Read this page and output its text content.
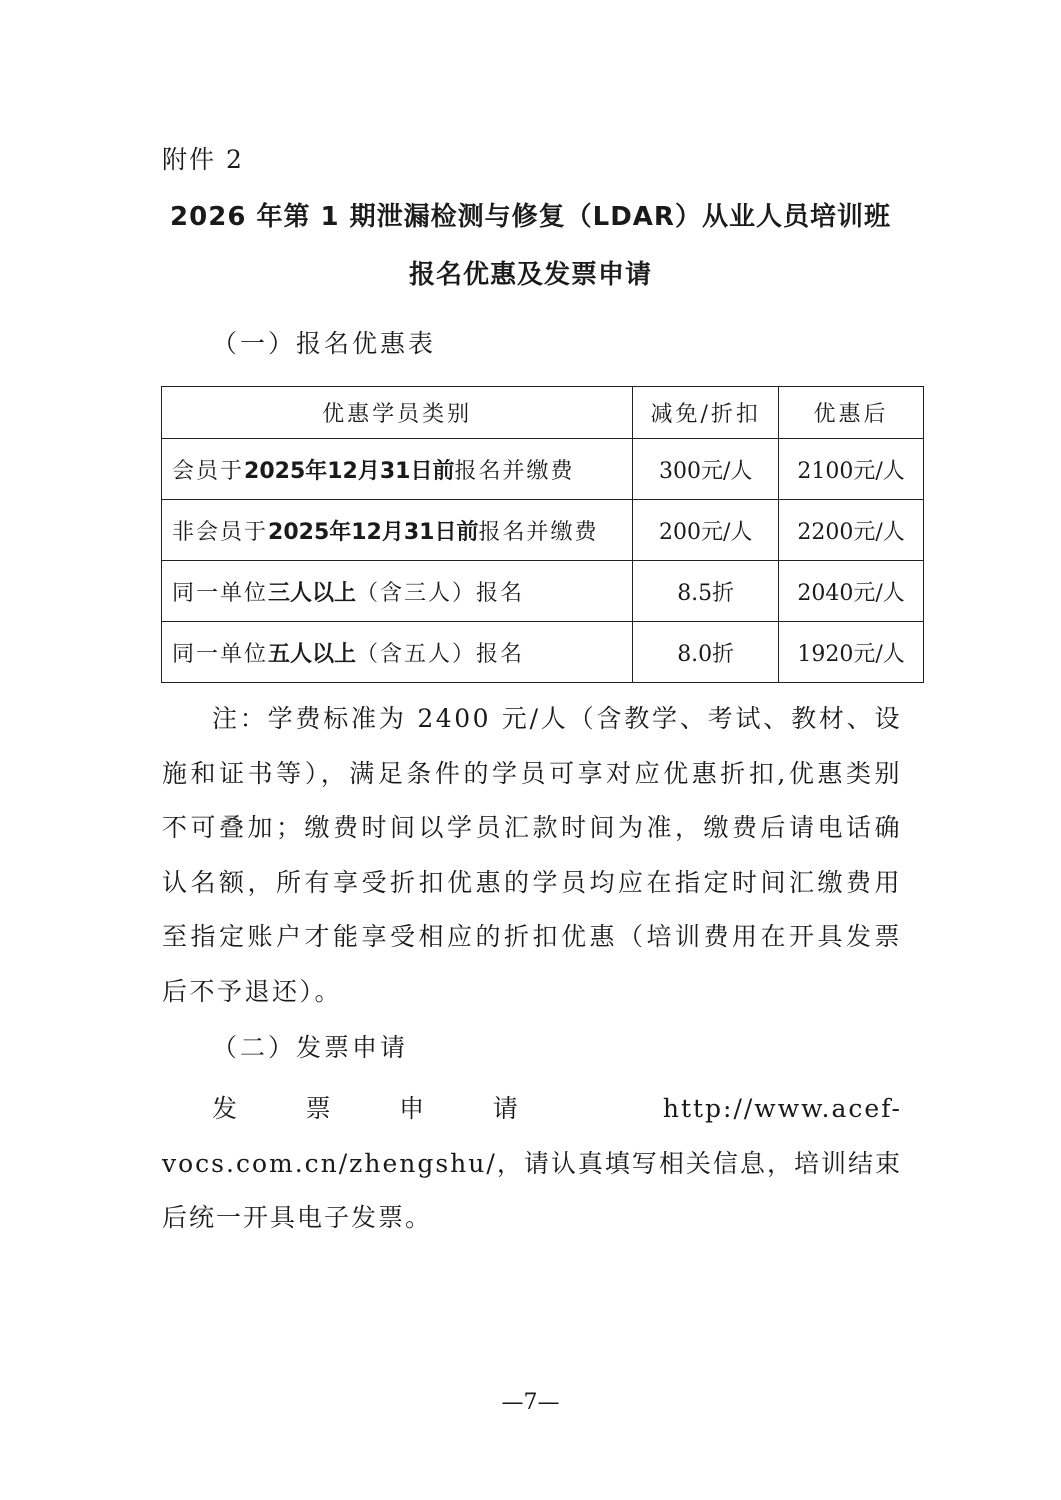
附件 2
2026 年第 1 期泄漏检测与修复（LDAR）从业人员培训班
报名优惠及发票申请
（一）报名优惠表
优惠学员类别	减免/折扣	优惠后
会员于2025年12月31日前报名并缴费	300元/人	2100元/人
非会员于2025年12月31日前报名并缴费	200元/人	2200元/人
同一单位三人以上（含三人）报名	8.5折	2040元/人
同一单位五人以上（含五人）报名	8.0折	1920元/人

注：学费标准为 2400 元/人（含教学、考试、教材、设施和证书等），满足条件的学员可享对应优惠折扣,优惠类别不可叠加；缴费时间以学员汇款时间为准，缴费后请电话确认名额，所有享受折扣优惠的学员均应在指定时间汇缴费用至指定账户才能享受相应的折扣优惠（培训费用在开具发票后不予退还）。

（二）发票申请

发票申请 http://www.acef-vocs.com.cn/zhengshu/，请认真填写相关信息，培训结束后统一开具电子发票。

—7—
